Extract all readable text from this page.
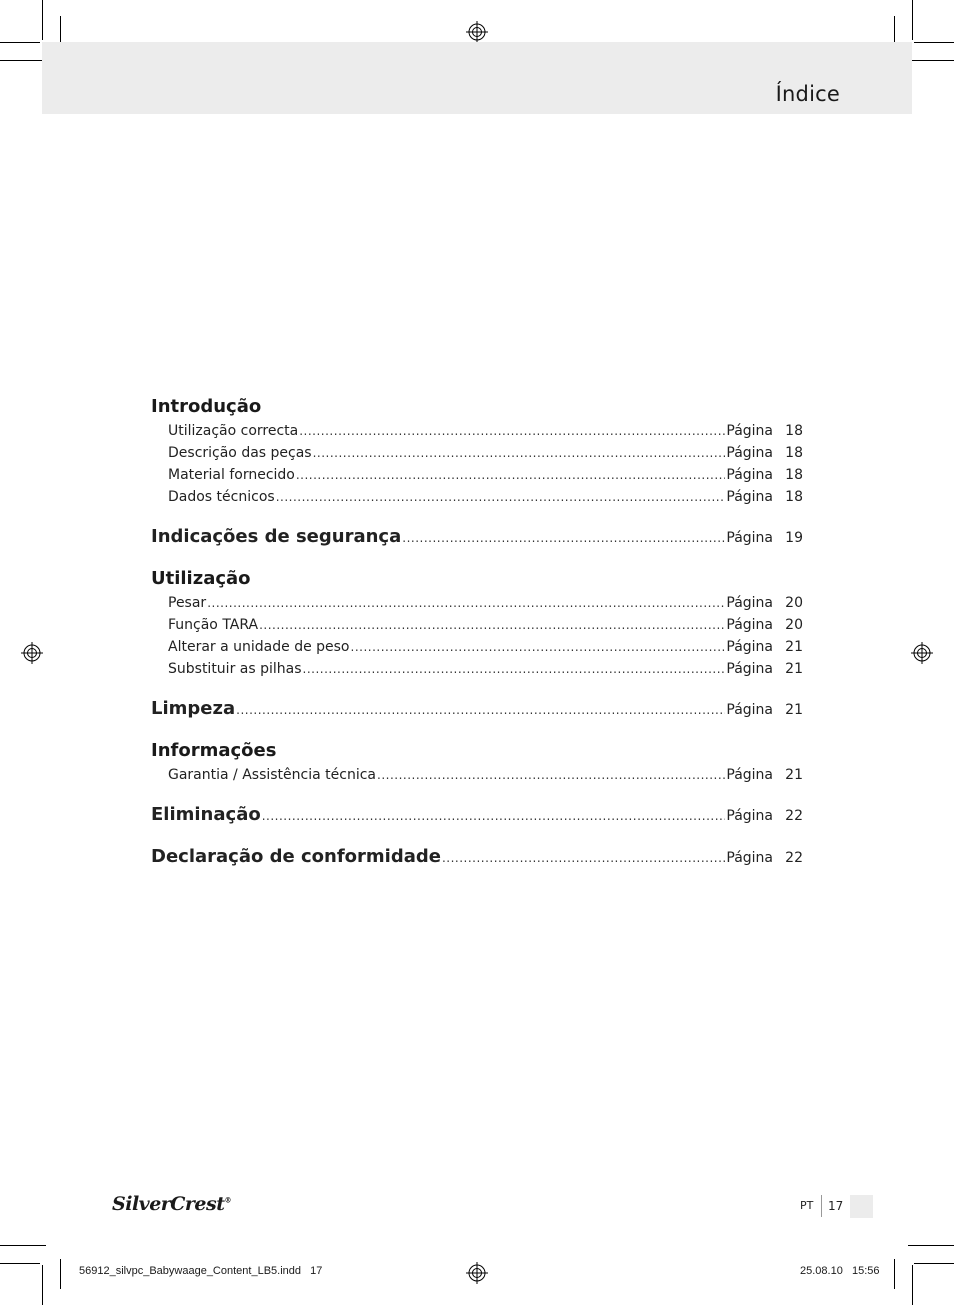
Índice
Introdução
Utilização correcta .....	Página 18
Descrição das peças .....	Página 18
Material fornecido .....	Página 18
Dados técnicos .....	Página 18
Indicações de segurança .....	Página 19
Utilização
Pesar .....	Página 20
Função TARA .....	Página 20
Alterar a unidade de peso .....	Página 21
Substituir as pilhas .....	Página 21
Limpeza .....	Página 21
Informações
Garantia / Assistência técnica .....	Página 21
Eliminação .....	Página 22
Declaração de conformidade .....	Página 22
SilverCrest®	PT 17
56912_silvpc_Babywaage_Content_LB5.indd   17	25.08.10   15:56
